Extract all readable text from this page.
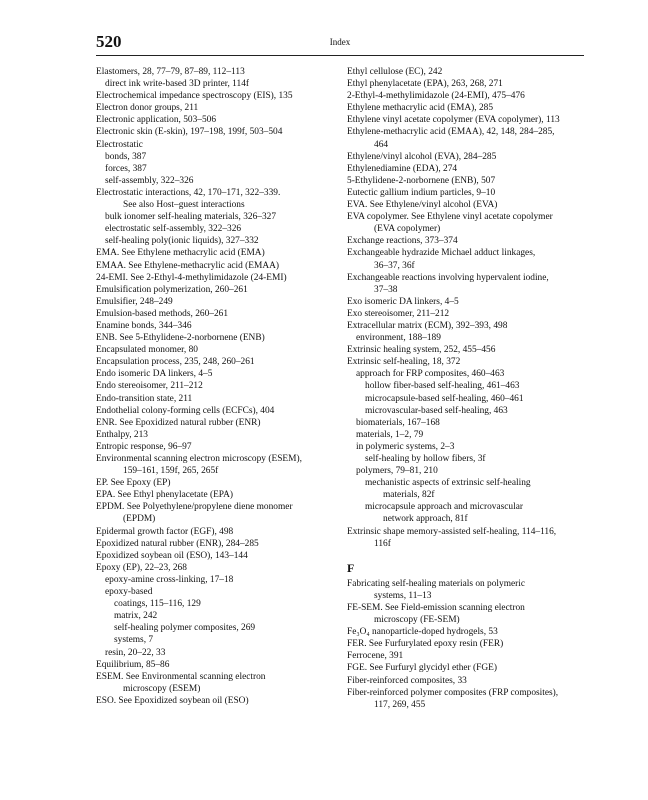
520	Index
Elastomers, 28, 77–79, 87–89, 112–113
direct ink write-based 3D printer, 114f
Electrochemical impedance spectroscopy (EIS), 135
Electron donor groups, 211
Electronic application, 503–506
Electronic skin (E-skin), 197–198, 199f, 503–504
Electrostatic
bonds, 387
forces, 387
self-assembly, 322–326
Electrostatic interactions, 42, 170–171, 322–339.
See also Host–guest interactions
bulk ionomer self-healing materials, 326–327
electrostatic self-assembly, 322–326
self-healing poly(ionic liquids), 327–332
EMA. See Ethylene methacrylic acid (EMA)
EMAA. See Ethylene-methacrylic acid (EMAA)
24-EMI. See 2-Ethyl-4-methylimidazole (24-EMI)
Emulsification polymerization, 260–261
Emulsifier, 248–249
Emulsion-based methods, 260–261
Enamine bonds, 344–346
ENB. See 5-Ethylidene-2-norbornene (ENB)
Encapsulated monomer, 80
Encapsulation process, 235, 248, 260–261
Endo isomeric DA linkers, 4–5
Endo stereoisomer, 211–212
Endo-transition state, 211
Endothelial colony-forming cells (ECFCs), 404
ENR. See Epoxidized natural rubber (ENR)
Enthalpy, 213
Entropic response, 96–97
Environmental scanning electron microscopy (ESEM),
159–161, 159f, 265, 265f
EP. See Epoxy (EP)
EPA. See Ethyl phenylacetate (EPA)
EPDM. See Polyethylene/propylene diene monomer
(EPDM)
Epidermal growth factor (EGF), 498
Epoxidized natural rubber (ENR), 284–285
Epoxidized soybean oil (ESO), 143–144
Epoxy (EP), 22–23, 268
epoxy-amine cross-linking, 17–18
epoxy-based
coatings, 115–116, 129
matrix, 242
self-healing polymer composites, 269
systems, 7
resin, 20–22, 33
Equilibrium, 85–86
ESEM. See Environmental scanning electron
microscopy (ESEM)
ESO. See Epoxidized soybean oil (ESO)
Ethyl cellulose (EC), 242
Ethyl phenylacetate (EPA), 263, 268, 271
2-Ethyl-4-methylimidazole (24-EMI), 475–476
Ethylene methacrylic acid (EMA), 285
Ethylene vinyl acetate copolymer (EVA copolymer), 113
Ethylene-methacrylic acid (EMAA), 42, 148, 284–285,
464
Ethylene/vinyl alcohol (EVA), 284–285
Ethylenediamine (EDA), 274
5-Ethylidene-2-norbornene (ENB), 507
Eutectic gallium indium particles, 9–10
EVA. See Ethylene/vinyl alcohol (EVA)
EVA copolymer. See Ethylene vinyl acetate copolymer
(EVA copolymer)
Exchange reactions, 373–374
Exchangeable hydrazide Michael adduct linkages,
36–37, 36f
Exchangeable reactions involving hypervalent iodine,
37–38
Exo isomeric DA linkers, 4–5
Exo stereoisomer, 211–212
Extracellular matrix (ECM), 392–393, 498
environment, 188–189
Extrinsic healing system, 252, 455–456
Extrinsic self-healing, 18, 372
approach for FRP composites, 460–463
hollow fiber-based self-healing, 461–463
microcapsule-based self-healing, 460–461
microvascular-based self-healing, 463
biomaterials, 167–168
materials, 1–2, 79
in polymeric systems, 2–3
self-healing by hollow fibers, 3f
polymers, 79–81, 210
mechanistic aspects of extrinsic self-healing
materials, 82f
microcapsule approach and microvascular
network approach, 81f
Extrinsic shape memory-assisted self-healing, 114–116,
116f
F
Fabricating self-healing materials on polymeric
systems, 11–13
FE-SEM. See Field-emission scanning electron
microscopy (FE-SEM)
Fe₃O₄ nanoparticle-doped hydrogels, 53
FER. See Furfurylated epoxy resin (FER)
Ferrocene, 391
FGE. See Furfuryl glycidyl ether (FGE)
Fiber-reinforced composites, 33
Fiber-reinforced polymer composites (FRP composites),
117, 269, 455
